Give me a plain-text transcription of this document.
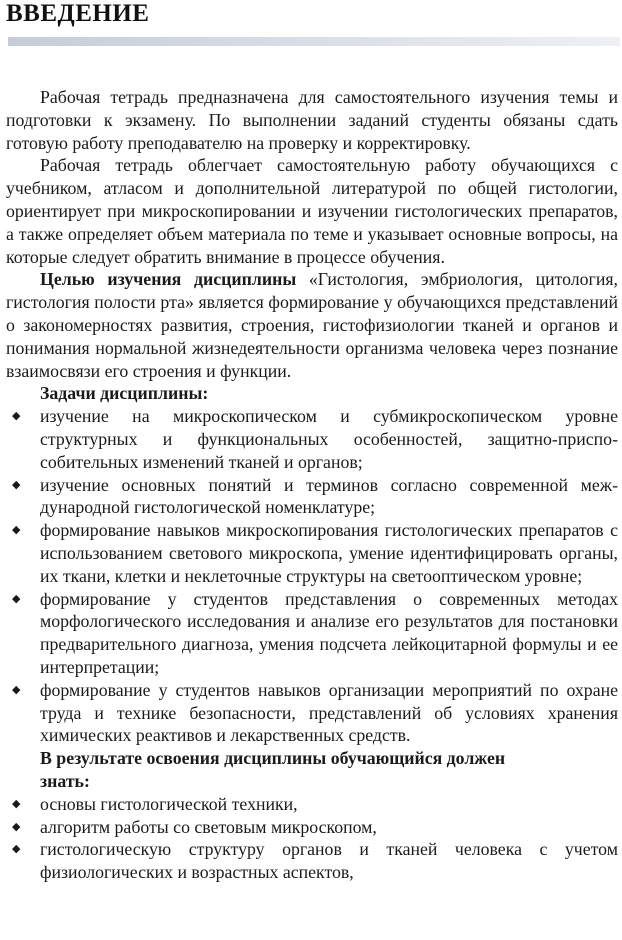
ВВЕДЕНИЕ

Рабочая тетрадь предназначена для самостоятельного изучения темы и подготовки к экзамену. По выполнении заданий студенты обязаны сдать готовую работу преподавателю на проверку и корректировку.

Рабочая тетрадь облегчает самостоятельную работу обучающихся с учебником, атласом и дополнительной литературой по общей гистологии, ориентирует при микроскопировании и изучении гистологических препаратов, а также определяет объем материала по теме и указывает основные вопросы, на которые следует обратить внимание в процессе обучения.

Целью изучения дисциплины «Гистология, эмбриология, цитология, гистология полости рта» является формирование у обучающихся представлений о закономерностях развития, строения, гистофизиологии тканей и органов и понимания нормальной жизнедеятельности организма человека через познание взаимосвязи его строения и функции.

Задачи дисциплины:
◆ изучение на микроскопическом и субмикроскопическом уровне структурных и функциональных особенностей, защитно-приспособительных изменений тканей и органов;
◆ изучение основных понятий и терминов согласно современной международной гистологической номенклатуре;
◆ формирование навыков микроскопирования гистологических препаратов с использованием светового микроскопа, умение идентифицировать органы, их ткани, клетки и неклеточные структуры на светооптическом уровне;
◆ формирование у студентов представления о современных методах морфологического исследования и анализе его результатов для постановки предварительного диагноза, умения подсчета лейкоцитарной формулы и ее интерпретации;
◆ формирование у студентов навыков организации мероприятий по охране труда и технике безопасности, представлений об условиях хранения химических реактивов и лекарственных средств.
В результате освоения дисциплины обучающийся должен
знать:
◆ основы гистологической техники,
◆ алгоритм работы со световым микроскопом,
◆ гистологическую структуру органов и тканей человека с учетом физиологических и возрастных аспектов,
